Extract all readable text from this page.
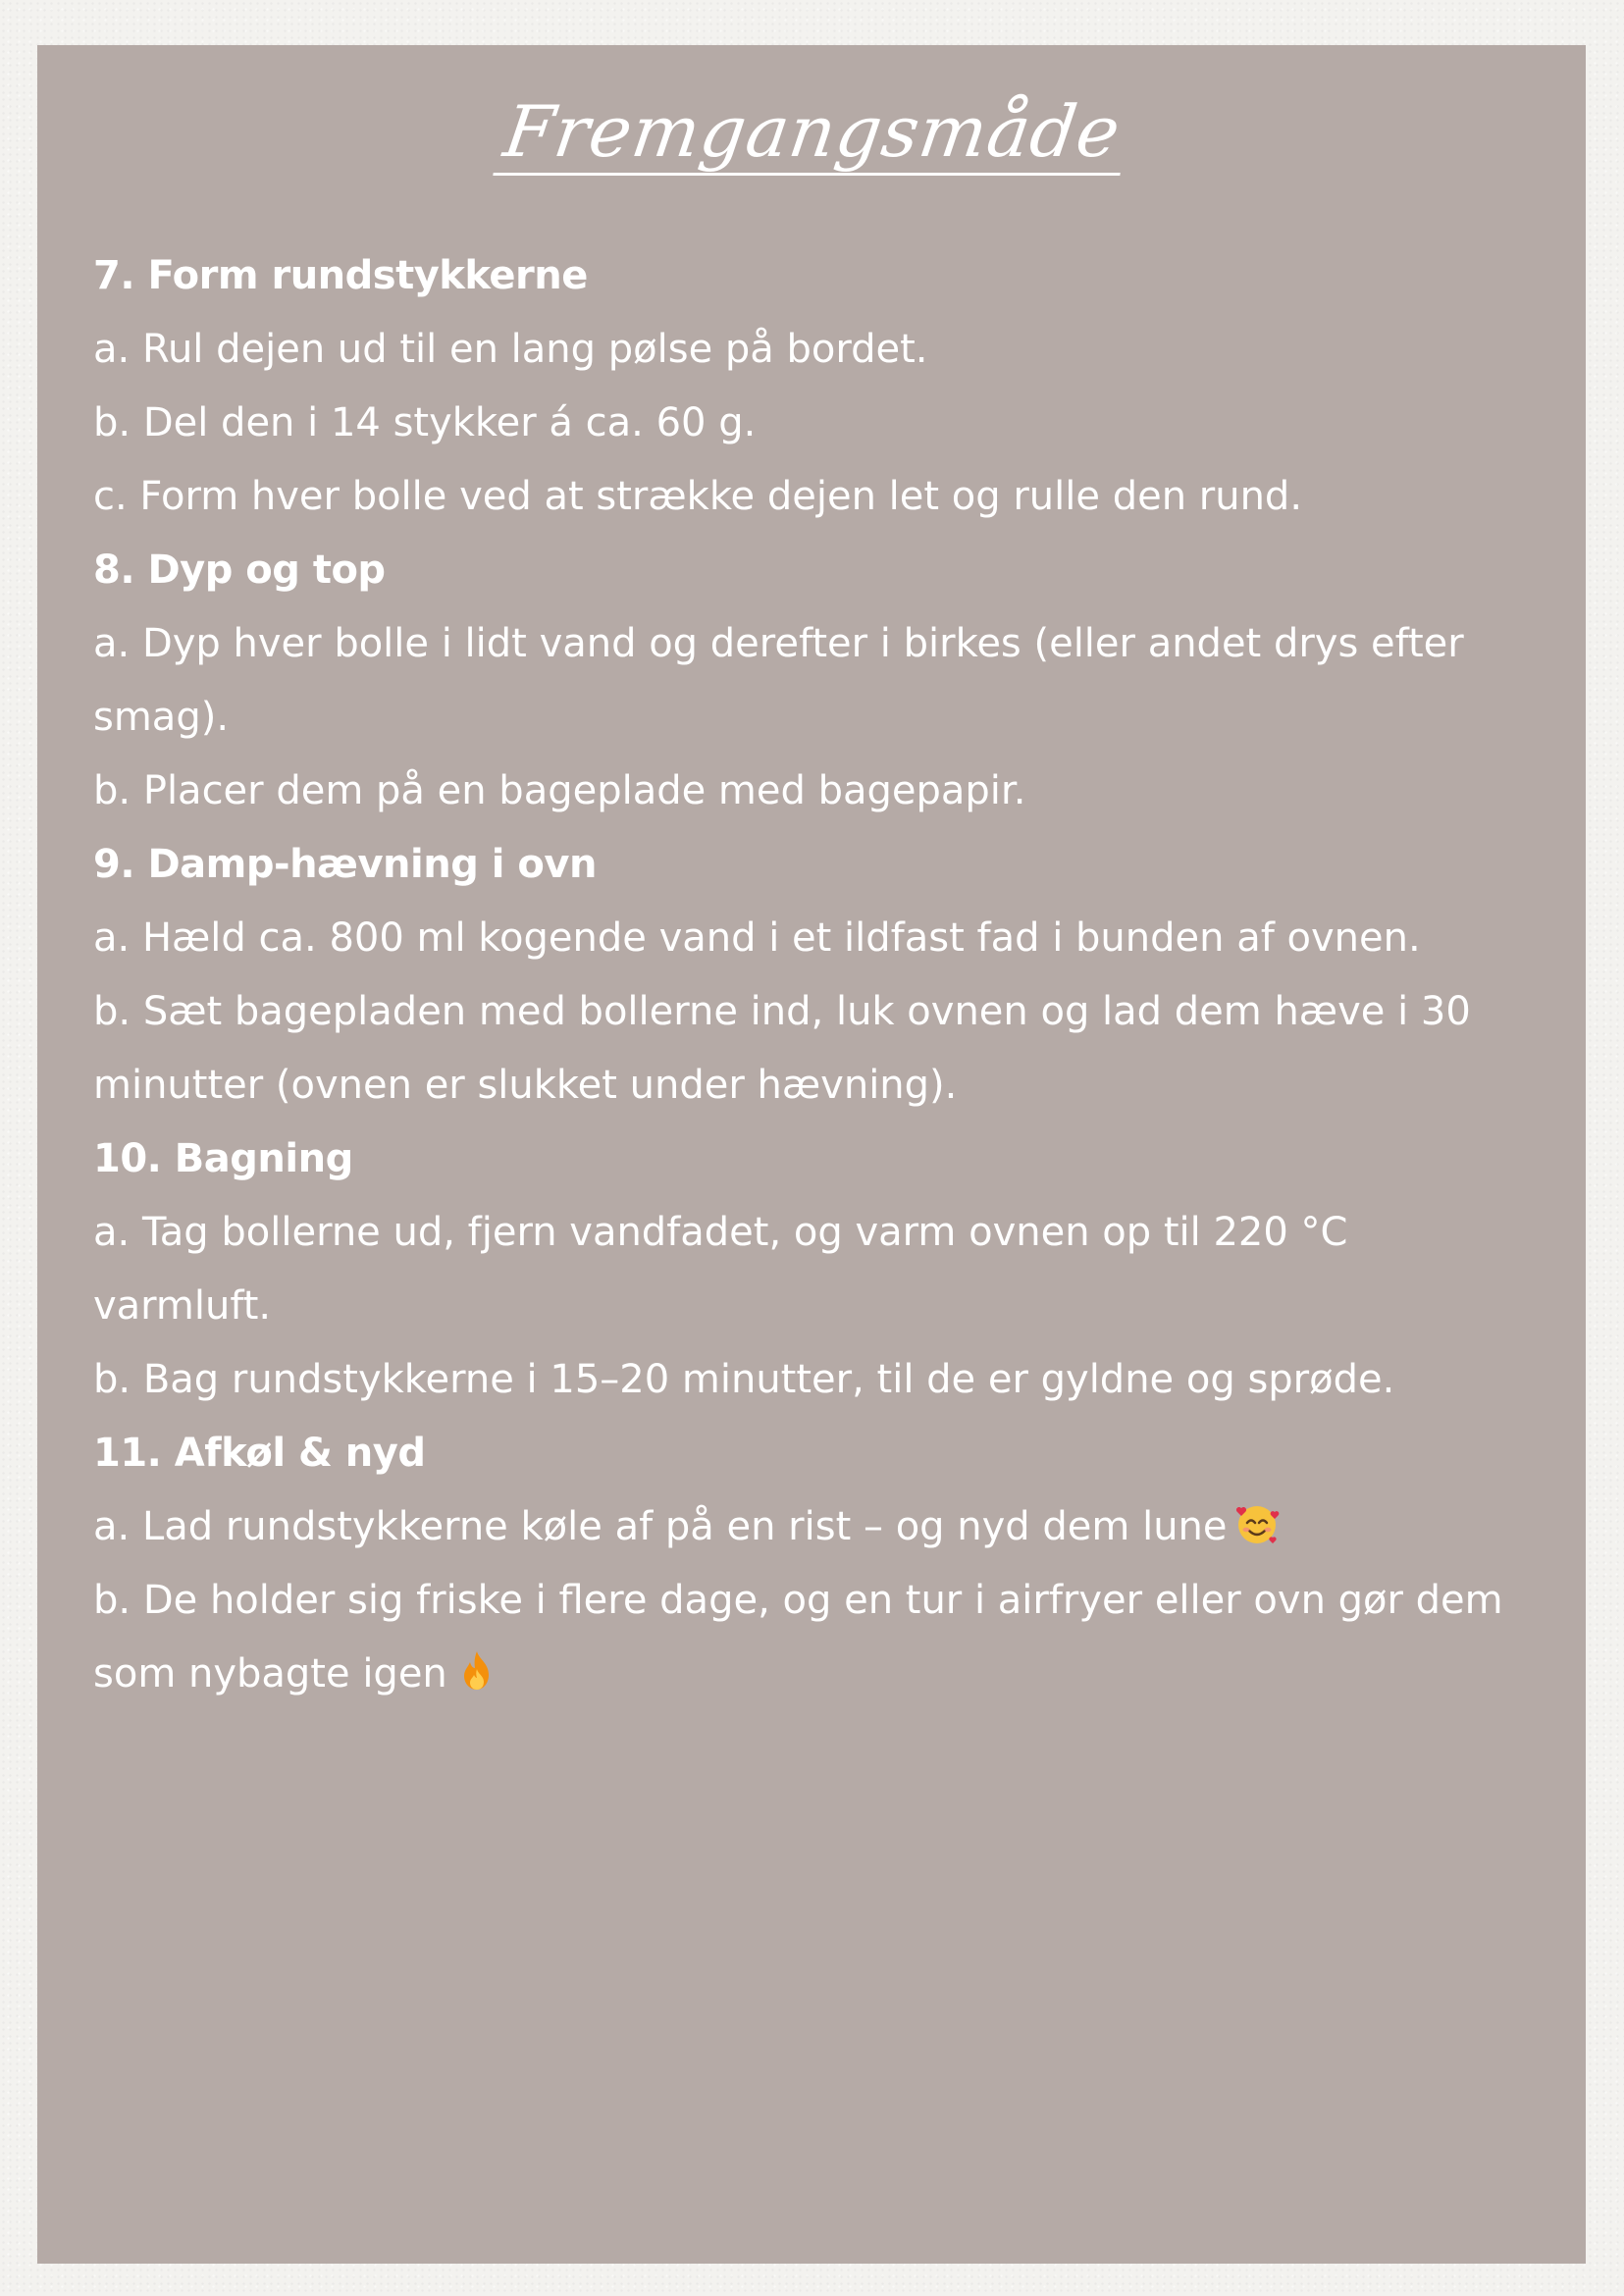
Fremgangsmåde

7. Form rundstykkerne

a. Rul dejen ud til en lang pølse på bordet.

b. Del den i 14 stykker á ca. 60 g.

c. Form hver bolle ved at strække dejen let og rulle den rund.

8. Dyp og top

a. Dyp hver bolle i lidt vand og derefter i birkes (eller andet drys efter smag).

b. Placer dem på en bageplade med bagepapir.

9. Damp-hævning i ovn

a. Hæld ca. 800 ml kogende vand i et ildfast fad i bunden af ovnen.

b. Sæt bagepladen med bollerne ind, luk ovnen og lad dem hæve i 30 minutter (ovnen er slukket under hævning).

10. Bagning

a. Tag bollerne ud, fjern vandfadet, og varm ovnen op til 220 °C varmluft.

b. Bag rundstykkerne i 15–20 minutter, til de er gyldne og sprøde.

11. Afkøl & nyd

a. Lad rundstykkerne køle af på en rist – og nyd dem lune

b. De holder sig friske i flere dage, og en tur i airfryer eller ovn gør dem som nybagte igen
